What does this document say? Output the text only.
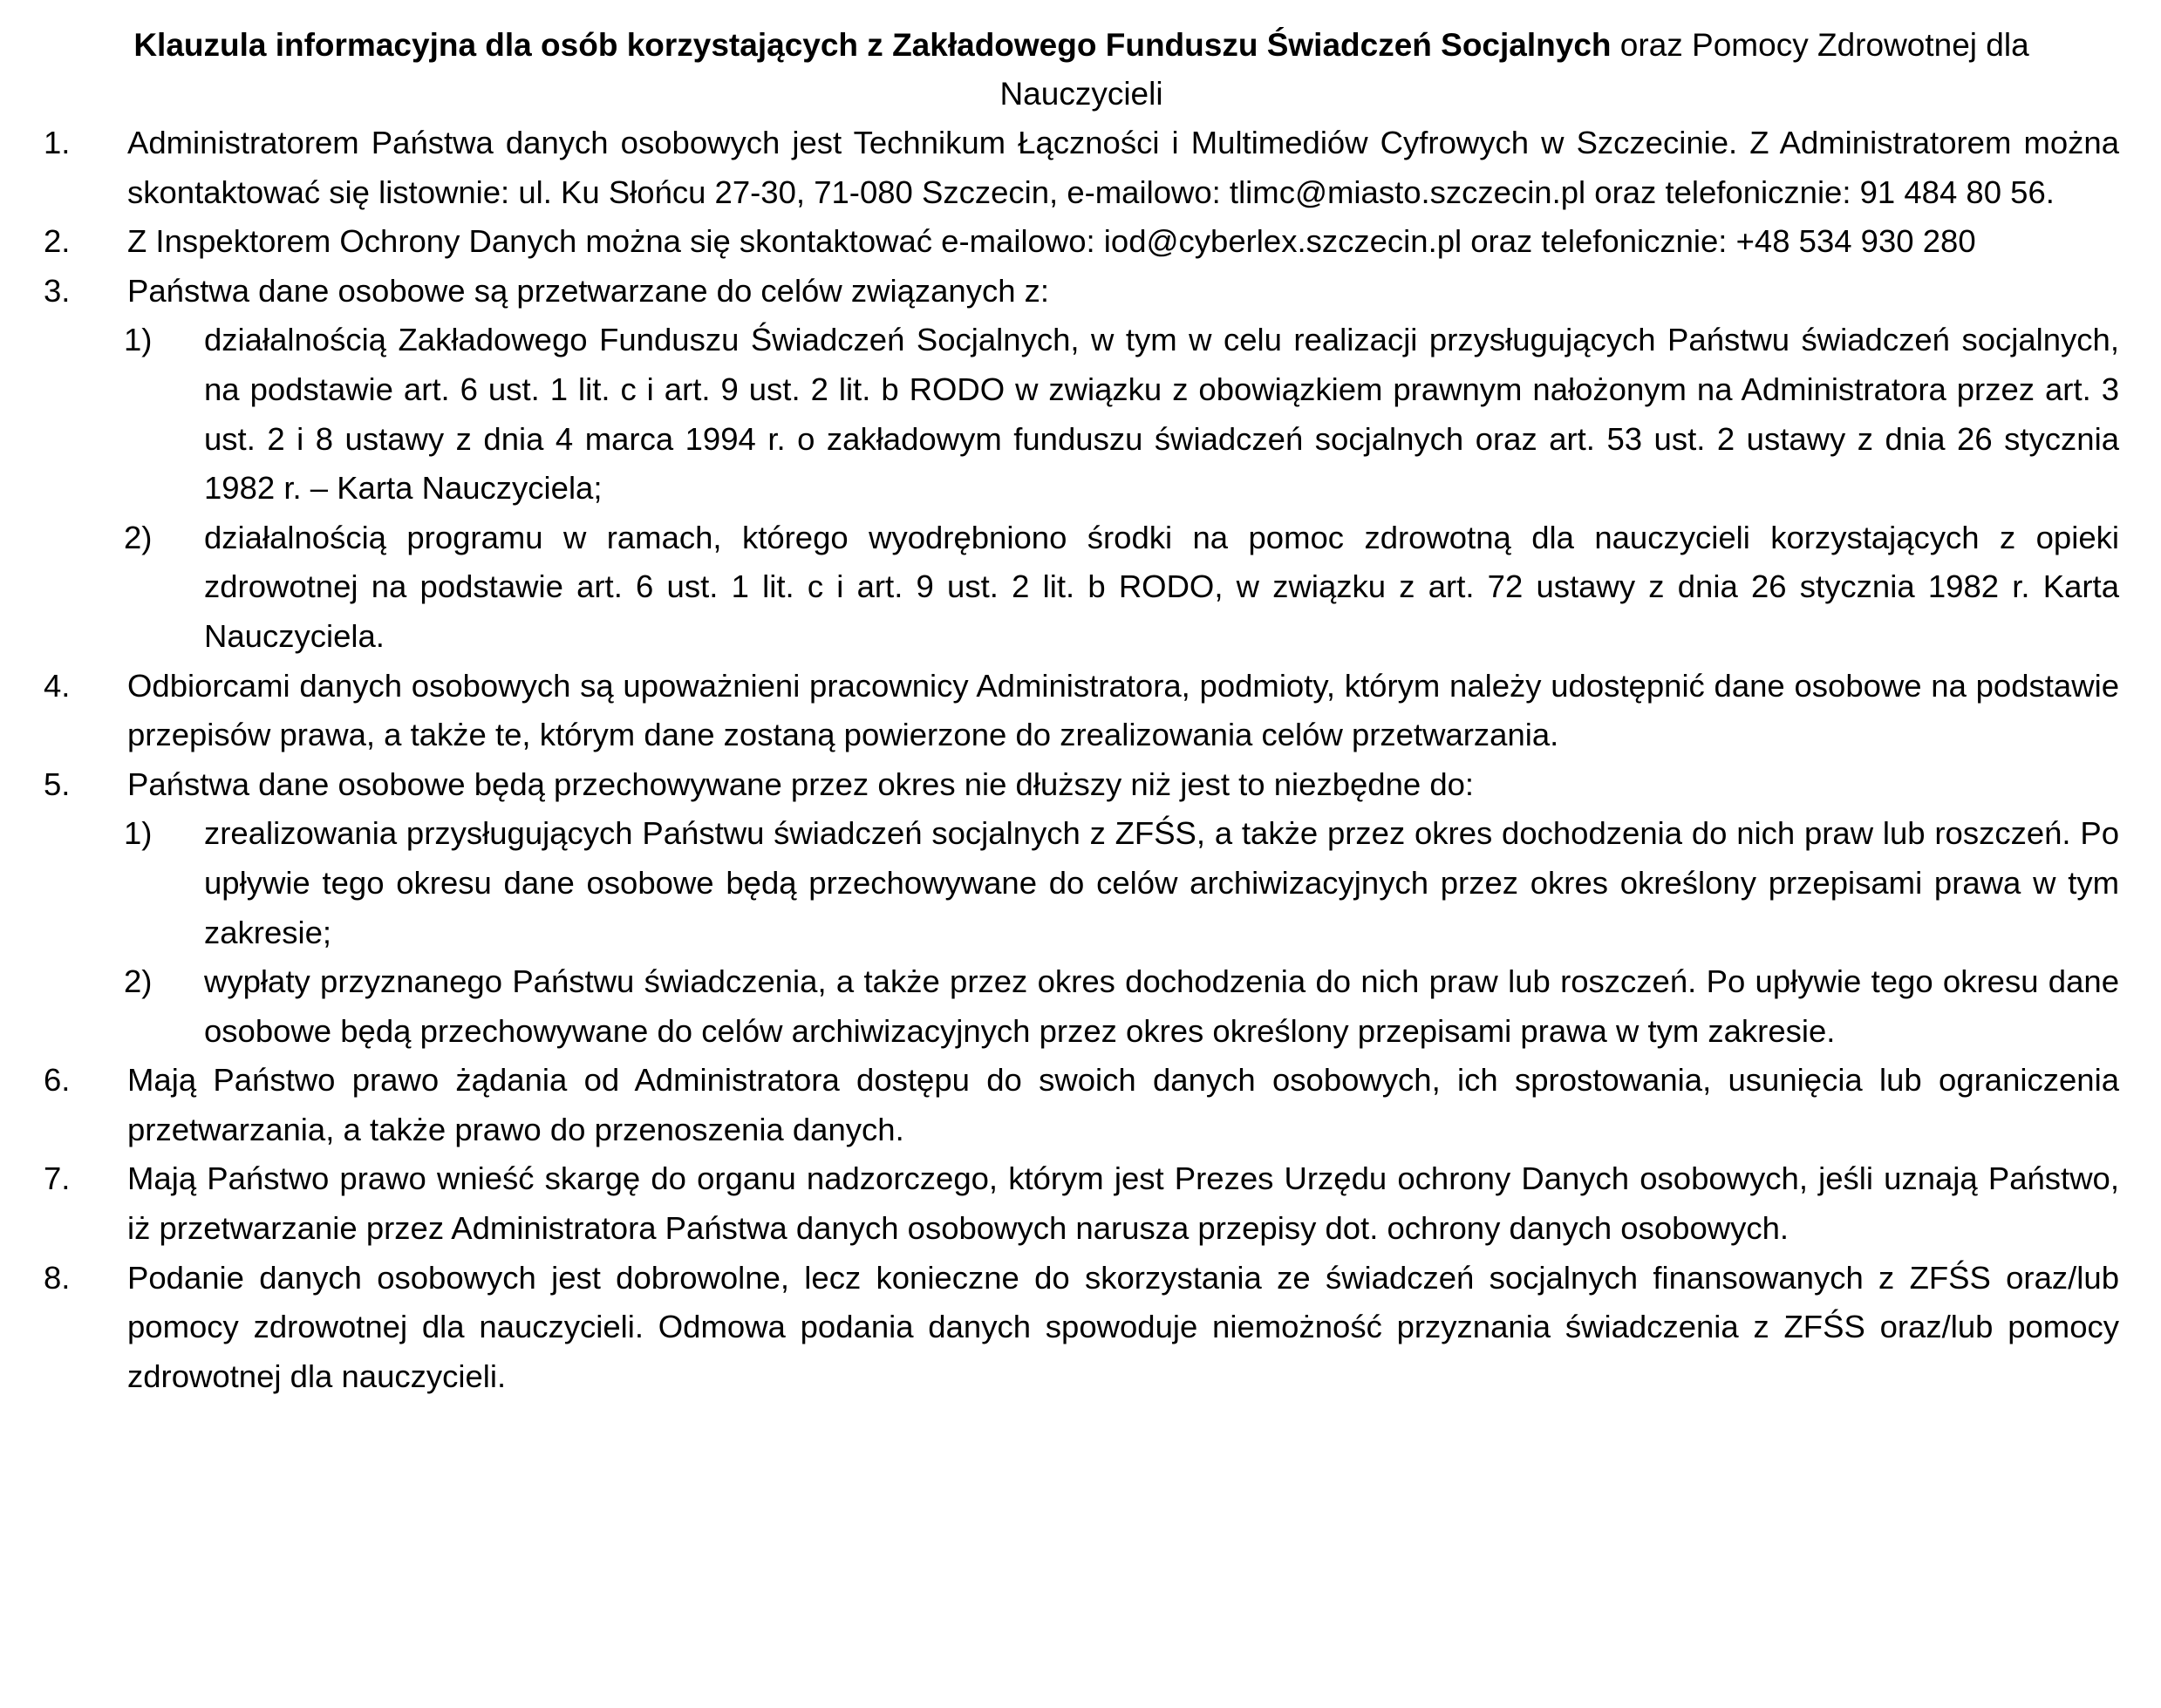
Klauzula informacyjna dla osób korzystających z Zakładowego Funduszu Świadczeń Socjalnych oraz Pomocy Zdrowotnej dla Nauczycieli

1. Administratorem Państwa danych osobowych jest Technikum Łączności i Multimediów Cyfrowych w Szczecinie. Z Administratorem można skontaktować się listownie: ul. Ku Słońcu 27-30, 71-080 Szczecin, e-mailowo: tlimc@miasto.szczecin.pl oraz telefonicznie: 91 484 80 56.
2. Z Inspektorem Ochrony Danych można się skontaktować e-mailowo: iod@cyberlex.szczecin.pl oraz telefonicznie: +48 534 930 280
3. Państwa dane osobowe są przetwarzane do celów związanych z:
1) działalnością Zakładowego Funduszu Świadczeń Socjalnych, w tym w celu realizacji przysługujących Państwu świadczeń socjalnych, na podstawie art. 6 ust. 1 lit. c i art. 9 ust. 2 lit. b RODO w związku z obowiązkiem prawnym nałożonym na Administratora przez art. 3 ust. 2 i 8 ustawy z dnia 4 marca 1994 r. o zakładowym funduszu świadczeń socjalnych oraz art. 53 ust. 2 ustawy z dnia 26 stycznia 1982 r. – Karta Nauczyciela;
2) działalnością programu w ramach, którego wyodrębniono środki na pomoc zdrowotną dla nauczycieli korzystających z opieki zdrowotnej na podstawie art. 6 ust. 1 lit. c i art. 9 ust. 2 lit. b RODO, w związku z art. 72 ustawy z dnia 26 stycznia 1982 r. Karta Nauczyciela.
4. Odbiorcami danych osobowych są upoważnieni pracownicy Administratora, podmioty, którym należy udostępnić dane osobowe na podstawie przepisów prawa, a także te, którym dane zostaną powierzone do zrealizowania celów przetwarzania.
5. Państwa dane osobowe będą przechowywane przez okres nie dłuższy niż jest to niezbędne do:
1) zrealizowania przysługujących Państwu świadczeń socjalnych z ZFŚS, a także przez okres dochodzenia do nich praw lub roszczeń. Po upływie tego okresu dane osobowe będą przechowywane do celów archiwizacyjnych przez okres określony przepisami prawa w tym zakresie;
2) wypłaty przyznanego Państwu świadczenia, a także przez okres dochodzenia do nich praw lub roszczeń. Po upływie tego okresu dane osobowe będą przechowywane do celów archiwizacyjnych przez okres określony przepisami prawa w tym zakresie.
6. Mają Państwo prawo żądania od Administratora dostępu do swoich danych osobowych, ich sprostowania, usunięcia lub ograniczenia przetwarzania, a także prawo do przenoszenia danych.
7. Mają Państwo prawo wnieść skargę do organu nadzorczego, którym jest Prezes Urzędu ochrony Danych osobowych, jeśli uznają Państwo, iż przetwarzanie przez Administratora Państwa danych osobowych narusza przepisy dot. ochrony danych osobowych.
8. Podanie danych osobowych jest dobrowolne, lecz konieczne do skorzystania ze świadczeń socjalnych finansowanych z ZFŚS oraz/lub pomocy zdrowotnej dla nauczycieli. Odmowa podania danych spowoduje niemożność przyznania świadczenia z ZFŚS oraz/lub pomocy zdrowotnej dla nauczycieli.
